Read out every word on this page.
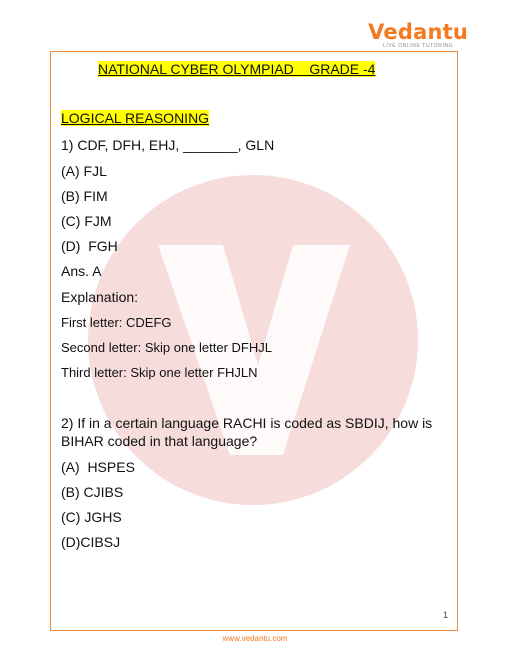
Vedantu
LIVE ONLINE TUTORING
NATIONAL CYBER OLYMPIAD    GRADE -4
LOGICAL REASONING
1) CDF, DFH, EHJ, _______, GLN
(A) FJL
(B) FIM
(C) FJM
(D)  FGH
Ans. A
Explanation:
First letter: CDEFG
Second letter: Skip one letter DFHJL
Third letter: Skip one letter FHJLN
2) If in a certain language RACHI is coded as SBDIJ, how is
BIHAR coded in that language?
(A)  HSPES
(B) CJIBS
(C) JGHS
(D)CIBSJ
1
www.vedantu.com
